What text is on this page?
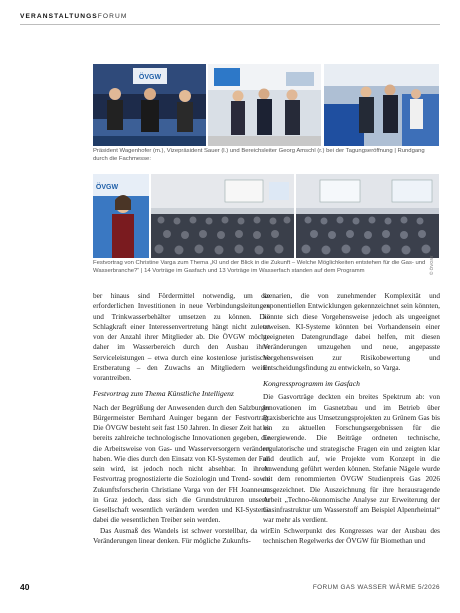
VERANSTALTUNGSFORUM
ÖVGW
Präsident Wagenhofer (m.), Vizepräsident Sauer (l.) und Bereichsleiter Georg Amschl (r.) bei der Tagungseröffnung | Rundgang durch die Fachmesse:
ÖVGW
© ÖVGW
Festvortrag von Christine Varga zum Thema „KI und der Blick in die Zukunft – Welche Möglichkeiten entstehen für die Gas- und Wasserbranche?“ | 14 Vorträge im Gasfach und 13 Vorträge im Wasserfach standen auf dem Programm

ber hinaus sind Fördermittel notwendig, um die erforderlichen Investitionen in neue Verbindungsleitungen und Trinkwasserbehälter umsetzen zu können. Die Schlagkraft einer Interessenvertretung hängt nicht zuletzt von der Anzahl ihrer Mitglieder ab. Die ÖVGW möchte daher im Wasserbereich durch den Ausbau ihrer Serviceleistungen – etwa durch eine kostenlose juristische Erstberatung – den Zuwachs an Mitgliedern weiter vorantreiben.

Festvortrag zum Thema Künstliche Intelligenz

Nach der Begrüßung der Anwesenden durch den Salzburger Bürgermeister Bernhard Auinger begann der Festvortrag. Die ÖVGW besteht seit fast 150 Jahren. In dieser Zeit hat es bereits zahlreiche technologische Innovationen gegeben, die die Arbeitsweise von Gas- und Wasserversorgern verändert haben. Wie dies durch den Einsatz von KI-Systemen der Fall sein wird, ist jedoch noch nicht absehbar. In ihrem Festvortrag prognostizierte die Soziologin und Trend- sowie Zukunftsforscherin Christiane Varga von der FH Joanneum in Graz jedoch, dass sich die Grundstrukturen unserer Gesellschaft wesentlich verändern werden und KI-Systeme dabei die wesentlichen Treiber sein werden.

Das Ausmaß des Wandels ist schwer vorstellbar, da wir Veränderungen linear denken. Für mögliche Zukunfts-

szenarien, die von zunehmender Komplexität und exponentiellen Entwicklungen gekennzeichnet sein könnten, könnte sich diese Vorgehensweise jedoch als ungeeignet erweisen. KI-Systeme könnten bei Vorhandensein einer geeigneten Datengrundlage dabei helfen, mit diesen Veränderungen umzugehen und neue, angepasste Vorgehensweisen zur Risikobewertung und Entscheidungsfindung zu entwickeln, so Varga.

Kongressprogramm im Gasfach

Die Gasvorträge deckten ein breites Spektrum ab: von Innovationen im Gasnetzbau und im Betrieb über Praxisberichte aus Umsetzungsprojekten zu Grünem Gas bis hin zu aktuellen Forschungsergebnissen für die Energiewende. Die Beiträge ordneten technische, regulatorische und strategische Fragen ein und zeigten klar und deutlich auf, wie Projekte vom Konzept in die Anwendung geführt werden können. Stefanie Nägele wurde mit dem renommierten ÖVGW Studienpreis Gas 2026 ausgezeichnet. Die Auszeichnung für ihre herausragende Arbeit „Techno-ökonomische Analyse zur Erweiterung der Gasinfrastruktur um Wasserstoff am Beispiel Alpenrheintal“ war mehr als verdient.

Ein Schwerpunkt des Kongresses war der Ausbau des technischen Regelwerks der ÖVGW für Biomethan und

40	FORUM GAS WASSER WÄRME 5/2026
